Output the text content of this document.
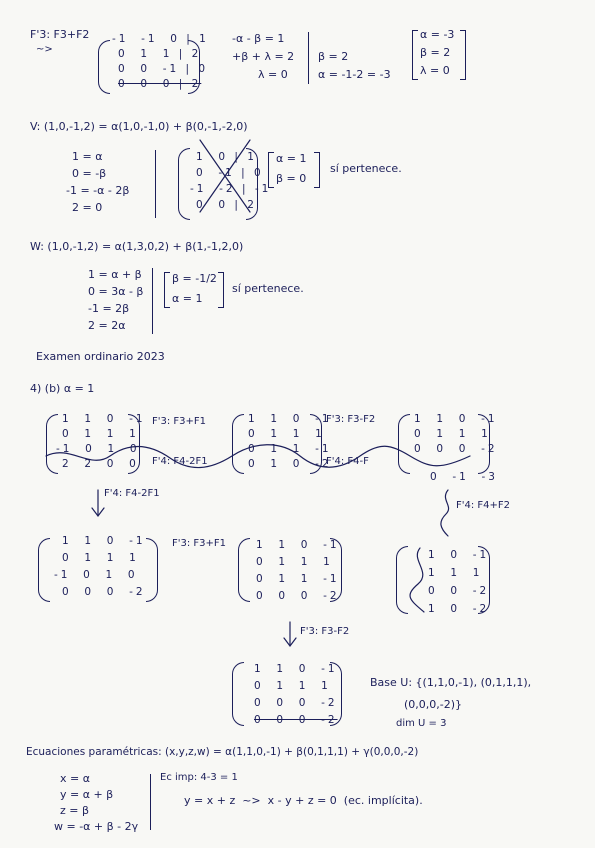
F'3: F3+F2
~>
-1  -1  0 | 1
0  1  1 | 2
0  0  -1 | 0
0  0  0 | 2
-α - β = 1
+β + λ = 2
λ = 0
β = 2
α = -1-2 = -3
α = -3
β = 2
λ = 0
V: (1,0,-1,2) = α(1,0,-1,0) + β(0,-1,-2,0)
1 = α
0 = -β
-1 = -α - 2β
2 = 0
1  0 | 1
0  -1 | 0
-1  -2 | -1
0  0 | 2
α = 1
β = 0
sí pertenece.
W: (1,0,-1,2) = α(1,3,0,2) + β(1,-1,2,0)
1 = α + β
0 = 3α - β
-1 = 2β
2 = 2α
β = -1/2
α = 1
sí pertenece.
Examen ordinario 2023
4) (b) α = 1
1  1  0  -1
0  1  1  1
-1  0  1  0
2  2  0  0
F'3: F3+F1
F'4: F4-2F1
1  1  0  -1
0  1  1  1
0  1  1  -1
0  1  0  -2
F'3: F3-F2
F'4: F4-F
1  1  0  -1
0  1  1  1
0  0  0  -2
0  -1  -3
F'4: F4-2F1
F'4: F4+F2
1  1  0  -1
0  1  1  1
-1  0  1  0
0  0  0  -2
F'3: F3+F1	1  1  0  -1
0  1  1  1
0  1  1  -1
0  0  0  -2
1  0  -1
1  1  1
0  0  -2
1  0  -2
F'3: F3-F2
1  1  0  -1
0  1  1  1
0  0  0  -2
0  0  0  -2
Base U: {(1,1,0,-1), (0,1,1,1),
(0,0,0,-2)}
dim U = 3
Ecuaciones paramétricas: (x,y,z,w) = α(1,1,0,-1) + β(0,1,1,1) + γ(0,0,0,-2)
x = α
y = α + β
z = β
w = -α + β - 2γ
Ec imp: 4-3 = 1
y = x + z  ~>  x - y + z = 0  (ec. implícita).
